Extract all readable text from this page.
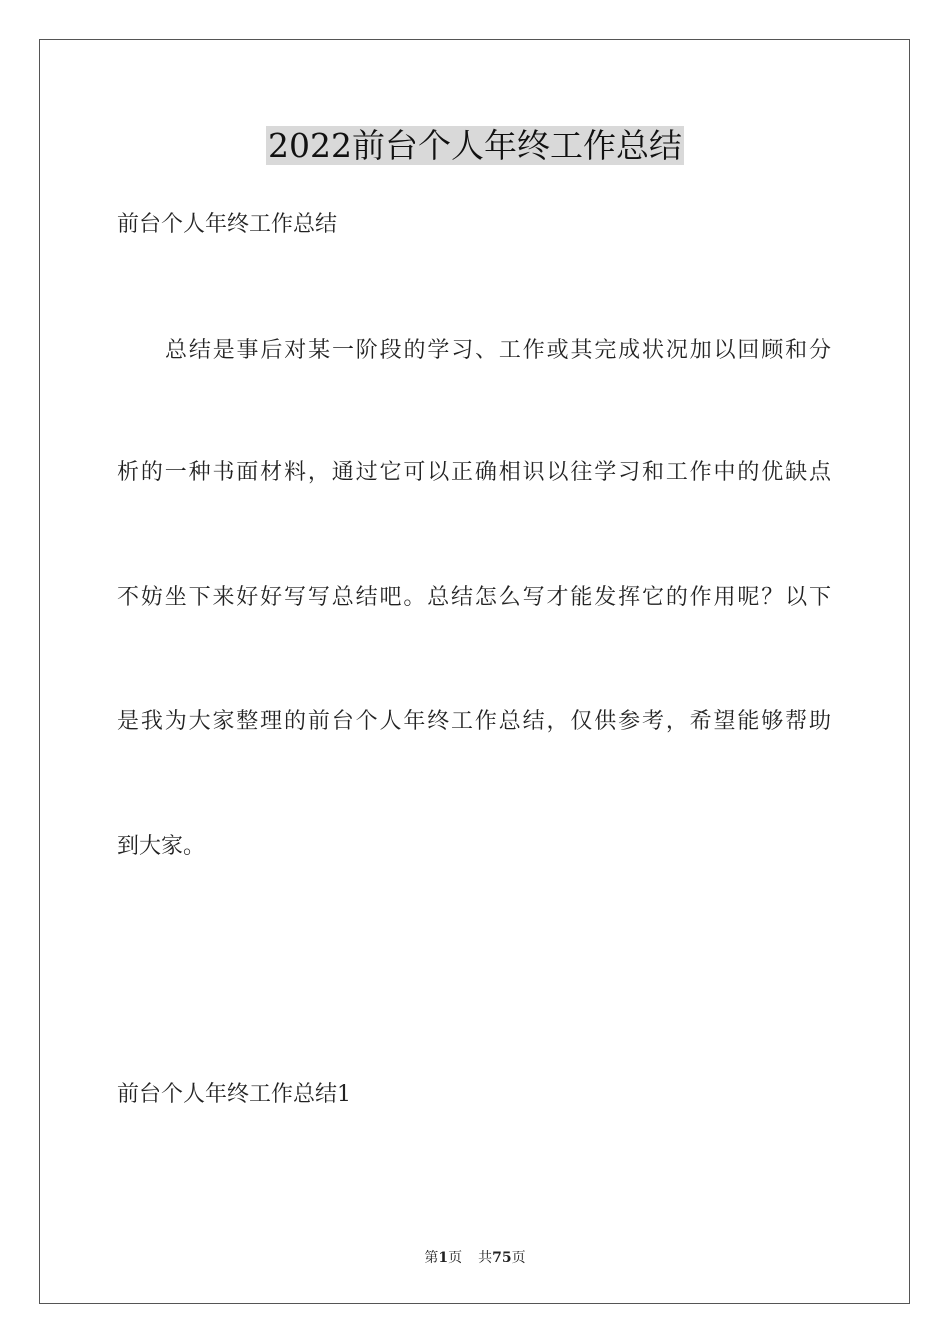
2022前台个人年终工作总结
前台个人年终工作总结
总结是事后对某一阶段的学习、工作或其完成状况加以回顾和分
析的一种书面材料，通过它可以正确相识以往学习和工作中的优缺点
不妨坐下来好好写写总结吧。总结怎么写才能发挥它的作用呢？以下
是我为大家整理的前台个人年终工作总结，仅供参考，希望能够帮助
到大家。
前台个人年终工作总结1
第1页 共75页
